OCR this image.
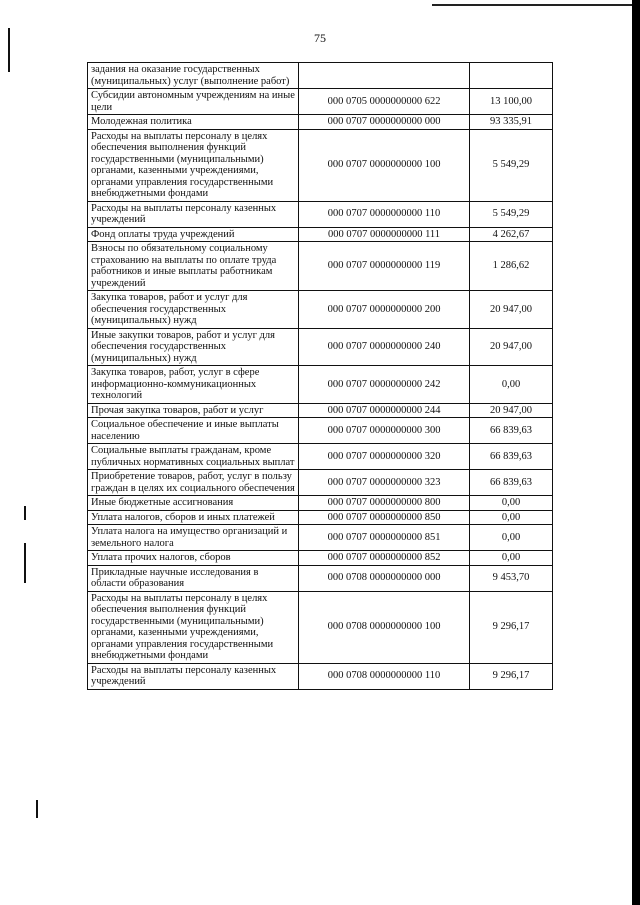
75
задания на оказание государственных (муниципальных) услуг (выполнение работ)		
Субсидии автономным учреждениям на иные цели	000 0705 0000000000 622	13 100,00
Молодежная политика	000 0707 0000000000 000	93 335,91
Расходы на выплаты персоналу в целях обеспечения выполнения функций государственными (муниципальными) органами, казенными учреждениями, органами управления государственными внебюджетными фондами	000 0707 0000000000 100	5 549,29
Расходы на выплаты персоналу казенных учреждений	000 0707 0000000000 110	5 549,29
Фонд оплаты труда учреждений	000 0707 0000000000 111	4 262,67
Взносы по обязательному социальному страхованию на выплаты по оплате труда работников и иные выплаты работникам учреждений	000 0707 0000000000 119	1 286,62
Закупка товаров, работ и услуг для обеспечения государственных (муниципальных) нужд	000 0707 0000000000 200	20 947,00
Иные закупки товаров, работ и услуг для обеспечения государственных (муниципальных) нужд	000 0707 0000000000 240	20 947,00
Закупка товаров, работ, услуг в сфере информационно-коммуникационных технологий	000 0707 0000000000 242	0,00
Прочая закупка товаров, работ и услуг	000 0707 0000000000 244	20 947,00
Социальное обеспечение и иные выплаты населению	000 0707 0000000000 300	66 839,63
Социальные выплаты гражданам, кроме публичных нормативных социальных выплат	000 0707 0000000000 320	66 839,63
Приобретение товаров, работ, услуг в пользу граждан в целях их социального обеспечения	000 0707 0000000000 323	66 839,63
Иные бюджетные ассигнования	000 0707 0000000000 800	0,00
Уплата налогов, сборов и иных платежей	000 0707 0000000000 850	0,00
Уплата налога на имущество организаций и земельного налога	000 0707 0000000000 851	0,00
Уплата прочих налогов, сборов	000 0707 0000000000 852	0,00
Прикладные научные исследования в области образования	000 0708 0000000000 000	9 453,70
Расходы на выплаты персоналу в целях обеспечения выполнения функций государственными (муниципальными) органами, казенными учреждениями, органами управления государственными внебюджетными фондами	000 0708 0000000000 100	9 296,17
Расходы на выплаты персоналу казенных учреждений	000 0708 0000000000 110	9 296,17
